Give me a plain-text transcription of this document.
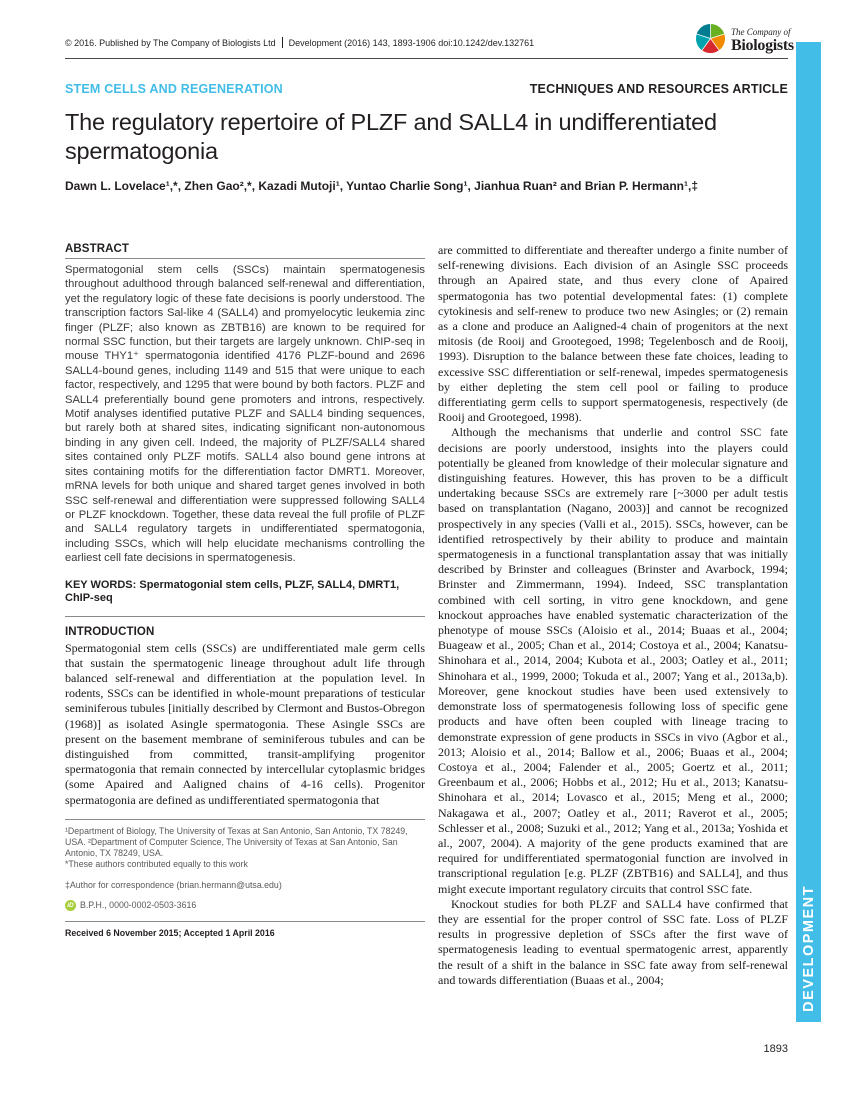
© 2016. Published by The Company of Biologists Ltd Development (2016) 143, 1893-1906 doi:10.1242/dev.132761
The Company of
Biologists
STEM CELLS AND REGENERATION	TECHNIQUES AND RESOURCES ARTICLE
The regulatory repertoire of PLZF and SALL4 in undifferentiated spermatogonia
Dawn L. Lovelace¹,*, Zhen Gao²,*, Kazadi Mutoji¹, Yuntao Charlie Song¹, Jianhua Ruan² and Brian P. Hermann¹,‡
ABSTRACT

Spermatogonial stem cells (SSCs) maintain spermatogenesis throughout adulthood through balanced self-renewal and differentiation, yet the regulatory logic of these fate decisions is poorly understood. The transcription factors Sal-like 4 (SALL4) and promyelocytic leukemia zinc finger (PLZF; also known as ZBTB16) are known to be required for normal SSC function, but their targets are largely unknown. ChIP-seq in mouse THY1⁺ spermatogonia identified 4176 PLZF-bound and 2696 SALL4-bound genes, including 1149 and 515 that were unique to each factor, respectively, and 1295 that were bound by both factors. PLZF and SALL4 preferentially bound gene promoters and introns, respectively. Motif analyses identified putative PLZF and SALL4 binding sequences, but rarely both at shared sites, indicating significant non-autonomous binding in any given cell. Indeed, the majority of PLZF/SALL4 shared sites contained only PLZF motifs. SALL4 also bound gene introns at sites containing motifs for the differentiation factor DMRT1. Moreover, mRNA levels for both unique and shared target genes involved in both SSC self-renewal and differentiation were suppressed following SALL4 or PLZF knockdown. Together, these data reveal the full profile of PLZF and SALL4 regulatory targets in undifferentiated spermatogonia, including SSCs, which will help elucidate mechanisms controlling the earliest cell fate decisions in spermatogenesis.

KEY WORDS: Spermatogonial stem cells, PLZF, SALL4, DMRT1, ChIP-seq

INTRODUCTION

Spermatogonial stem cells (SSCs) are undifferentiated male germ cells that sustain the spermatogenic lineage throughout adult life through balanced self-renewal and differentiation at the population level. In rodents, SSCs can be identified in whole-mount preparations of testicular seminiferous tubules [initially described by Clermont and Bustos-Obregon (1968)] as isolated Asingle spermatogonia. These Asingle SSCs are present on the basement membrane of seminiferous tubules and can be distinguished from committed, transit-amplifying progenitor spermatogonia that remain connected by intercellular cytoplasmic bridges (some Apaired and Aaligned chains of 4-16 cells). Progenitor spermatogonia are defined as undifferentiated spermatogonia that

¹Department of Biology, The University of Texas at San Antonio, San Antonio, TX 78249, USA. ²Department of Computer Science, The University of Texas at San Antonio, San Antonio, TX 78249, USA.

*These authors contributed equally to this work

‡Author for correspondence (brian.hermann@utsa.edu)

iD B.P.H., 0000-0002-0503-3616

Received 6 November 2015; Accepted 1 April 2016

are committed to differentiate and thereafter undergo a finite number of self-renewing divisions. Each division of an Asingle SSC proceeds through an Apaired state, and thus every clone of Apaired spermatogonia has two potential developmental fates: (1) complete cytokinesis and self-renew to produce two new Asingles; or (2) remain as a clone and produce an Aaligned-4 chain of progenitors at the next mitosis (de Rooij and Grootegoed, 1998; Tegelenbosch and de Rooij, 1993). Disruption to the balance between these fate choices, leading to excessive SSC differentiation or self-renewal, impedes spermatogenesis by either depleting the stem cell pool or failing to produce differentiating germ cells to support spermatogenesis, respectively (de Rooij and Grootegoed, 1998).

Although the mechanisms that underlie and control SSC fate decisions are poorly understood, insights into the players could potentially be gleaned from knowledge of their molecular signature and distinguishing features. However, this has proven to be a difficult undertaking because SSCs are extremely rare [~3000 per adult testis based on transplantation (Nagano, 2003)] and cannot be recognized prospectively in any species (Valli et al., 2015). SSCs, however, can be identified retrospectively by their ability to produce and maintain spermatogenesis in a functional transplantation assay that was initially described by Brinster and colleagues (Brinster and Avarbock, 1994; Brinster and Zimmermann, 1994). Indeed, SSC transplantation combined with cell sorting, in vitro gene knockdown, and gene knockout approaches have enabled systematic characterization of the phenotype of mouse SSCs (Aloisio et al., 2014; Buaas et al., 2004; Buageaw et al., 2005; Chan et al., 2014; Costoya et al., 2004; Kanatsu-Shinohara et al., 2014, 2004; Kubota et al., 2003; Oatley et al., 2011; Shinohara et al., 1999, 2000; Tokuda et al., 2007; Yang et al., 2013a,b). Moreover, gene knockout studies have been used extensively to demonstrate loss of spermatogenesis following loss of specific gene products and have often been coupled with lineage tracing to demonstrate expression of gene products in SSCs in vivo (Agbor et al., 2013; Aloisio et al., 2014; Ballow et al., 2006; Buaas et al., 2004; Costoya et al., 2004; Falender et al., 2005; Goertz et al., 2011; Greenbaum et al., 2006; Hobbs et al., 2012; Hu et al., 2013; Kanatsu-Shinohara et al., 2014; Lovasco et al., 2015; Meng et al., 2000; Nakagawa et al., 2007; Oatley et al., 2011; Raverot et al., 2005; Schlesser et al., 2008; Suzuki et al., 2012; Yang et al., 2013a; Yoshida et al., 2007, 2004). A majority of the gene products examined that are required for undifferentiated spermatogonial function are involved in transcriptional regulation [e.g. PLZF (ZBTB16) and SALL4], and thus might execute important regulatory circuits that control SSC fate.

Knockout studies for both PLZF and SALL4 have confirmed that they are essential for the proper control of SSC fate. Loss of PLZF results in progressive depletion of SSCs after the first wave of spermatogenesis leading to eventual spermatogenic arrest, apparently the result of a shift in the balance in SSC fate away from self-renewal and towards differentiation (Buaas et al., 2004;	DEVELOPMENT
1893
